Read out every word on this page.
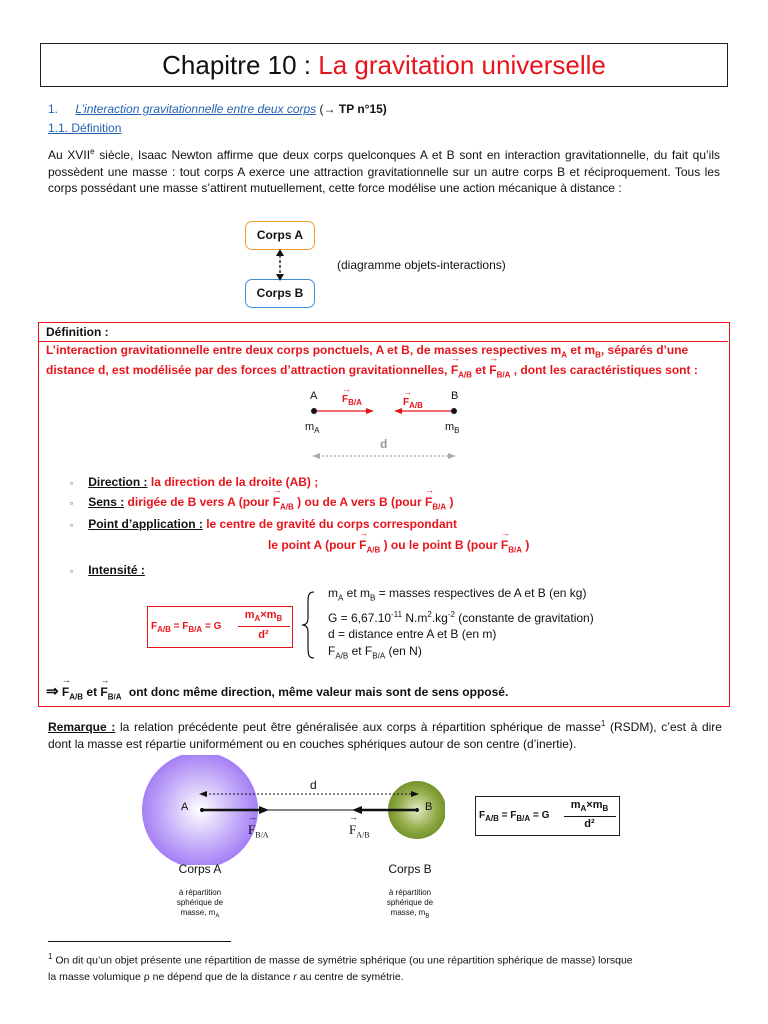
Chapitre 10 : La gravitation universelle
1. L’interaction gravitationnelle entre deux corps (→ TP n°15)
1.1. Définition
Au XVIIe siècle, Isaac Newton affirme que deux corps quelconques A et B sont en interaction gravitationnelle, du fait qu’ils possèdent une masse : tout corps A exerce une attraction gravitationnelle sur un autre corps B et réciproquement. Tous les corps possédant une masse s’attirent mutuellement, cette force modélise une action mécanique à distance :
Corps A
Corps B
(diagramme objets-interactions)
Définition :
L’interaction gravitationnelle entre deux corps ponctuels, A et B, de masses respectives $m_A$ et $m_B$, séparés d’une
distance d, est modélisée par des forces d’attraction gravitationnelles, → $F_{A/B}$ et → $F_{B/A}$ , dont les caractéristiques sont :
A	B
$m_A$	$m_B$
→ $F_{B/A}$	→ $F_{A/B}$
d
▫ Direction : la direction de la droite (AB) ;
▫ Sens : dirigée de B vers A (pour → $F_{A/B}$ ) ou de A vers B (pour → $F_{B/A}$ )
▫ Point d’application : le centre de gravité du corps correspondant
le point A (pour → $F_{A/B}$ ) ou le point B (pour → $F_{B/A}$ )
▫ Intensité :
$F_{A/B} = F_{B/A} = G$
$m_A\times m_B$
d²
$m_A$ et $m_B$ = masses respectives de A et B (en kg)
$G = 6,67.10^{-11}$ $N.m^2.kg^{-2}$ (constante de gravitation)
d = distance entre A et B (en m)
$F_{A/B}$ et $F_{B/A}$ (en N)
⇒ → $F_{A/B}$ et → $F_{B/A}$ ont donc même direction, même valeur mais sont de sens opposé.
Remarque : la relation précédente peut être généralisée aux corps à répartition sphérique de masse$^1$ (RSDM), c’est à dire dont la masse est répartie uniformément ou en couches sphériques autour de son centre (d’inertie).
A	B
d
→ $F_{B/A}$	→ $F_{A/B}$
$F_{A/B} = F_{B/A} = G$
$m_A\times m_B$
d²
Corps A	Corps B
à répartition
sphérique de
masse, $m_A$
à répartition
sphérique de
masse, $m_B$
$^1$ On dit qu’un objet présente une répartition de masse de symétrie sphérique (ou une répartition sphérique de masse) lorsque
la masse volumique ρ ne dépend que de la distance r au centre de symétrie.
